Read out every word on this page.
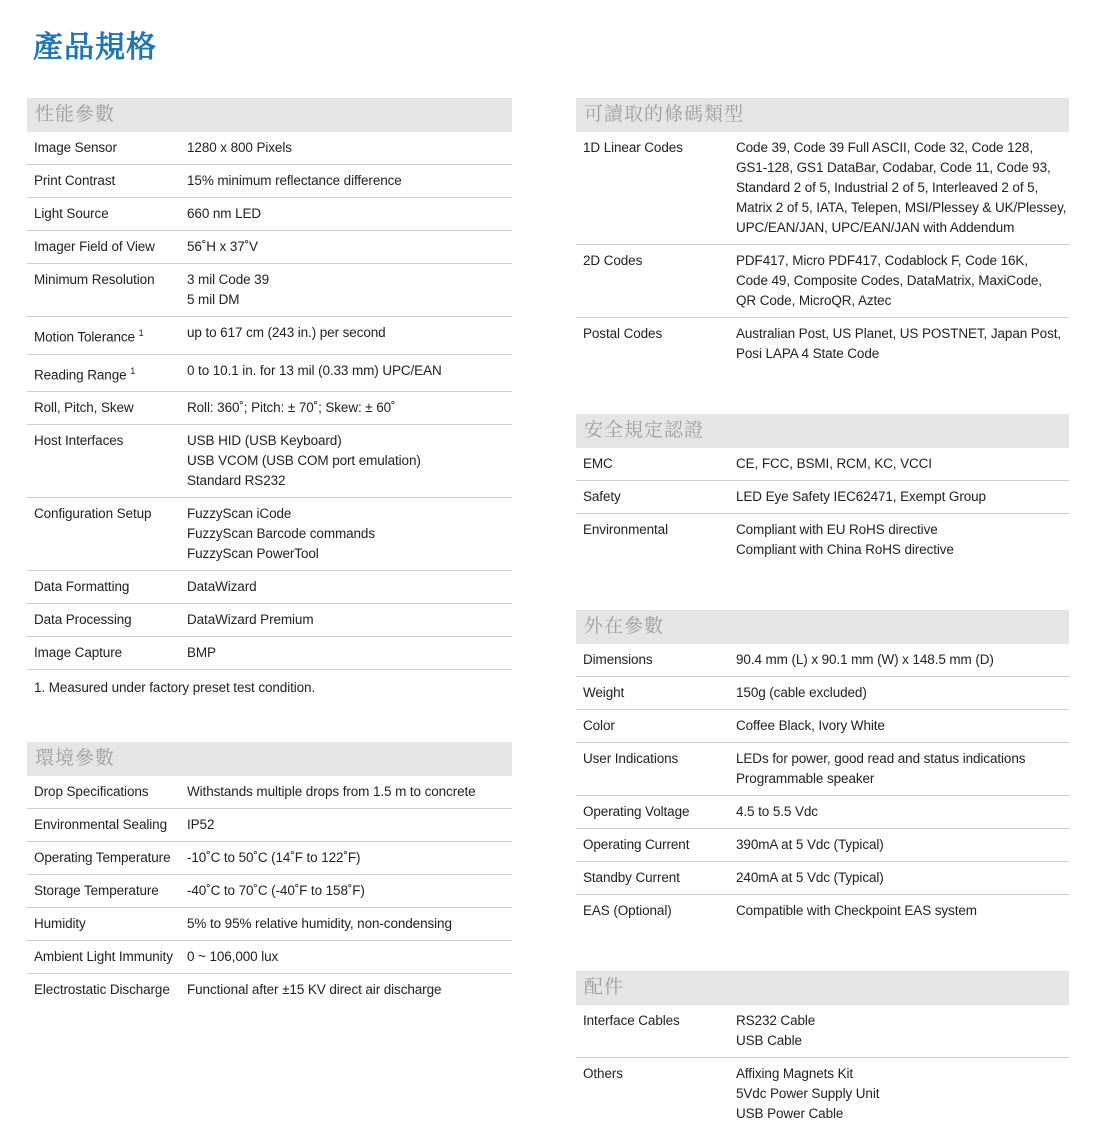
產品規格
性能參數
Image Sensor	1280 x 800 Pixels
Print Contrast	15% minimum reflectance difference
Light Source	660 nm LED
Imager Field of View	56˚H x 37˚V
Minimum Resolution	3 mil Code 39
5 mil DM
Motion Tolerance $^1$	up to 617 cm (243 in.) per second
Reading Range $^1$	0 to 10.1 in. for 13 mil (0.33 mm) UPC/EAN
Roll, Pitch, Skew	Roll: 360˚; Pitch: ± 70˚; Skew: ± 60˚
Host Interfaces	USB HID (USB Keyboard)
USB VCOM (USB COM port emulation)
Standard RS232
Configuration Setup	FuzzyScan iCode
FuzzyScan Barcode commands
FuzzyScan PowerTool
Data Formatting	DataWizard
Data Processing	DataWizard Premium
Image Capture	BMP
1. Measured under factory preset test condition.
環境參數
Drop Specifications	Withstands multiple drops from 1.5 m to concrete
Environmental Sealing	IP52
Operating Temperature	-10˚C to 50˚C (14˚F to 122˚F)
Storage Temperature	-40˚C to 70˚C (-40˚F to 158˚F)
Humidity	5% to 95% relative humidity, non-condensing
Ambient Light Immunity	0 ~ 106,000 lux
Electrostatic Discharge	Functional after ±15 KV direct air discharge
可讀取的條碼類型
1D Linear Codes	Code 39, Code 39 Full ASCII, Code 32, Code 128,
GS1-128, GS1 DataBar, Codabar, Code 11, Code 93,
Standard 2 of 5, Industrial 2 of 5, Interleaved 2 of 5,
Matrix 2 of 5, IATA, Telepen, MSI/Plessey & UK/Plessey,
UPC/EAN/JAN, UPC/EAN/JAN with Addendum
2D Codes	PDF417, Micro PDF417, Codablock F, Code 16K,
Code 49, Composite Codes, DataMatrix, MaxiCode,
QR Code, MicroQR, Aztec
Postal Codes	Australian Post, US Planet, US POSTNET, Japan Post,
Posi LAPA 4 State Code
安全規定認證
EMC	CE, FCC, BSMI, RCM, KC, VCCI
Safety	LED Eye Safety IEC62471, Exempt Group
Environmental	Compliant with EU RoHS directive
Compliant with China RoHS directive
外在參數
Dimensions	90.4 mm (L) x 90.1 mm (W) x 148.5 mm (D)
Weight	150g (cable excluded)
Color	Coffee Black, Ivory White
User Indications	LEDs for power, good read and status indications
Programmable speaker
Operating Voltage	4.5 to 5.5 Vdc
Operating Current	390mA at 5 Vdc (Typical)
Standby Current	240mA at 5 Vdc (Typical)
EAS (Optional)	Compatible with Checkpoint EAS system
配件
Interface Cables	RS232 Cable
USB Cable
Others	Affixing Magnets Kit
5Vdc Power Supply Unit
USB Power Cable
